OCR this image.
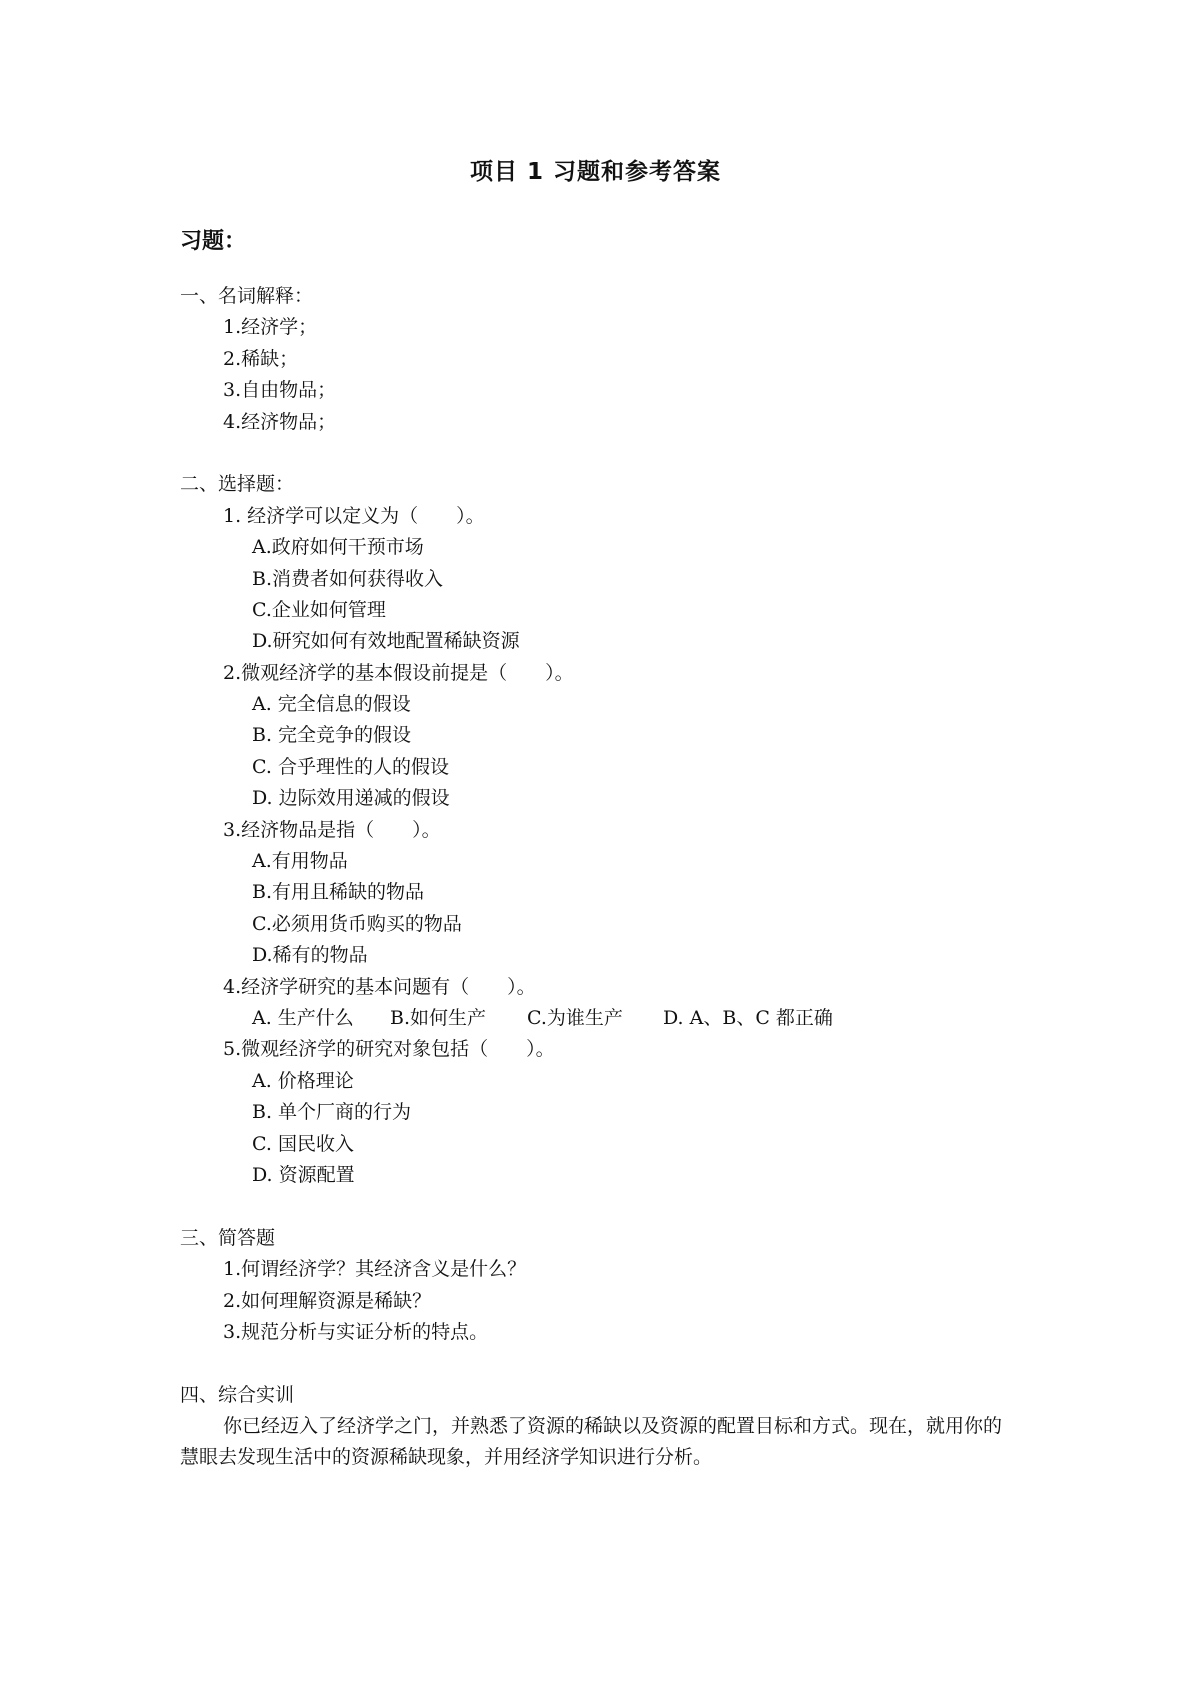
项目 1 习题和参考答案
习题：
一、名词解释：
1.经济学；
2.稀缺；
3.自由物品；
4.经济物品；
二、选择题：
1. 经济学可以定义为（　　）。
A.政府如何干预市场
B.消费者如何获得收入
C.企业如何管理
D.研究如何有效地配置稀缺资源
2.微观经济学的基本假设前提是（　　）。
A. 完全信息的假设
B. 完全竞争的假设
C. 合乎理性的人的假设
D. 边际效用递减的假设
3.经济物品是指（　　）。
A.有用物品
B.有用且稀缺的物品
C.必须用货币购买的物品
D.稀有的物品
4.经济学研究的基本问题有（　　）。
A. 生产什么	B.如何生产	C.为谁生产	D. A、B、C 都正确
5.微观经济学的研究对象包括（　　）。
A. 价格理论
B. 单个厂商的行为
C. 国民收入
D. 资源配置
三、简答题
1.何谓经济学？其经济含义是什么？
2.如何理解资源是稀缺？
3.规范分析与实证分析的特点。
四、综合实训
你已经迈入了经济学之门，并熟悉了资源的稀缺以及资源的配置目标和方式。现在，就用你的慧眼去发现生活中的资源稀缺现象，并用经济学知识进行分析。
